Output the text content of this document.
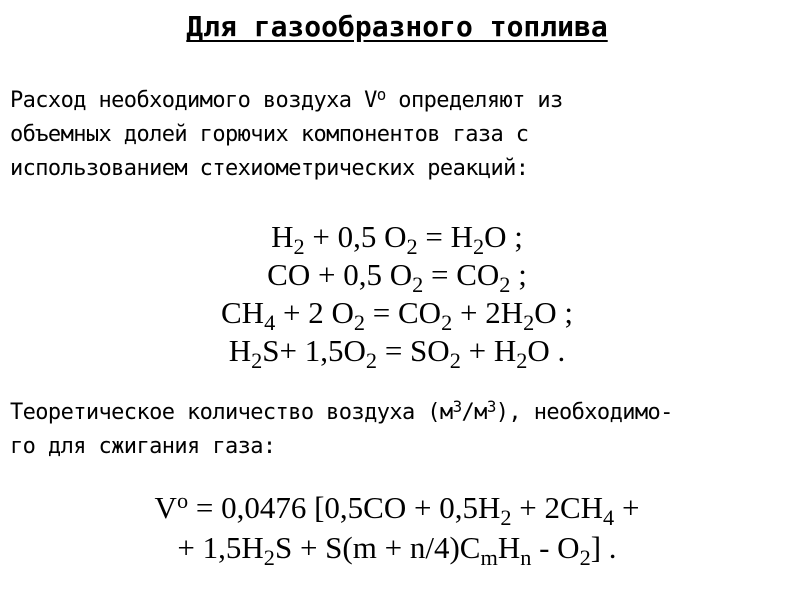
Для газообразного топлива

Расход необходимого воздуха $V^o$ определяют из
объемных долей горючих компонентов газа с
использованием стехиометрических реакций:

$H_2 + 0,5$ $O_2 = H_2O$ ;
CO + 0,5 $O_2 = CO_2$ ;
$CH_4 + 2$ $O_2 = CO_2 + 2H_2O$ ;
$H_2S+ 1,5O_2 = SO_2 + H_2O$ .

Теоретическое количество воздуха $(м^3/м^3)$, необходимо-
го для сжигания газа:

$V^o = 0,0476$ [$0,5CO + 0,5H_2 + 2CH_4$ +
+ $1,5H_2S + S(m + n/4)C_mH_n - O_2$] .
